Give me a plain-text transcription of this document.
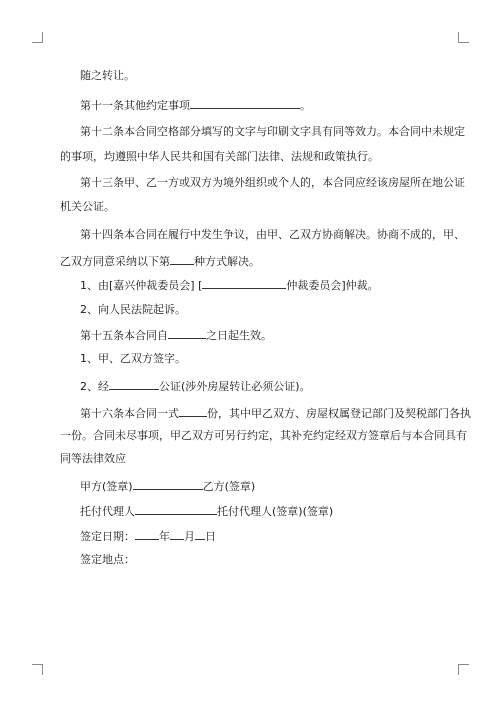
随之转让。
第十一条其他约定事项	。
第十二条本合同空格部分填写的文字与印刷文字具有同等效力。本合同中未规定
的事项，均遵照中华人民共和国有关部门法律、法规和政策执行。
第十三条甲、乙一方或双方为境外组织或个人的，本合同应经该房屋所在地公证
机关公证。
第十四条本合同在履行中发生争议，由甲、乙双方协商解决。协商不成的，甲、
乙双方同意采纳以下第 种方式解决。
1、由[嘉兴仲裁委员会] [	仲裁委员会]仲裁。
2、向人民法院起诉。
第十五条本合同自	之日起生效。
1、甲、乙双方签字。
2、经	公证(涉外房屋转让必须公证)。
第十六条本合同一式	份，其中甲乙双方、房屋权属登记部门及契税部门各执
一份。合同未尽事项，甲乙双方可另行约定，其补充约定经双方签章后与本合同具有
同等法律效应
甲方(签章)	乙方(签章)
托付代理人	托付代理人(签章)(签章)
签定日期： 年 月 日
签定地点：
